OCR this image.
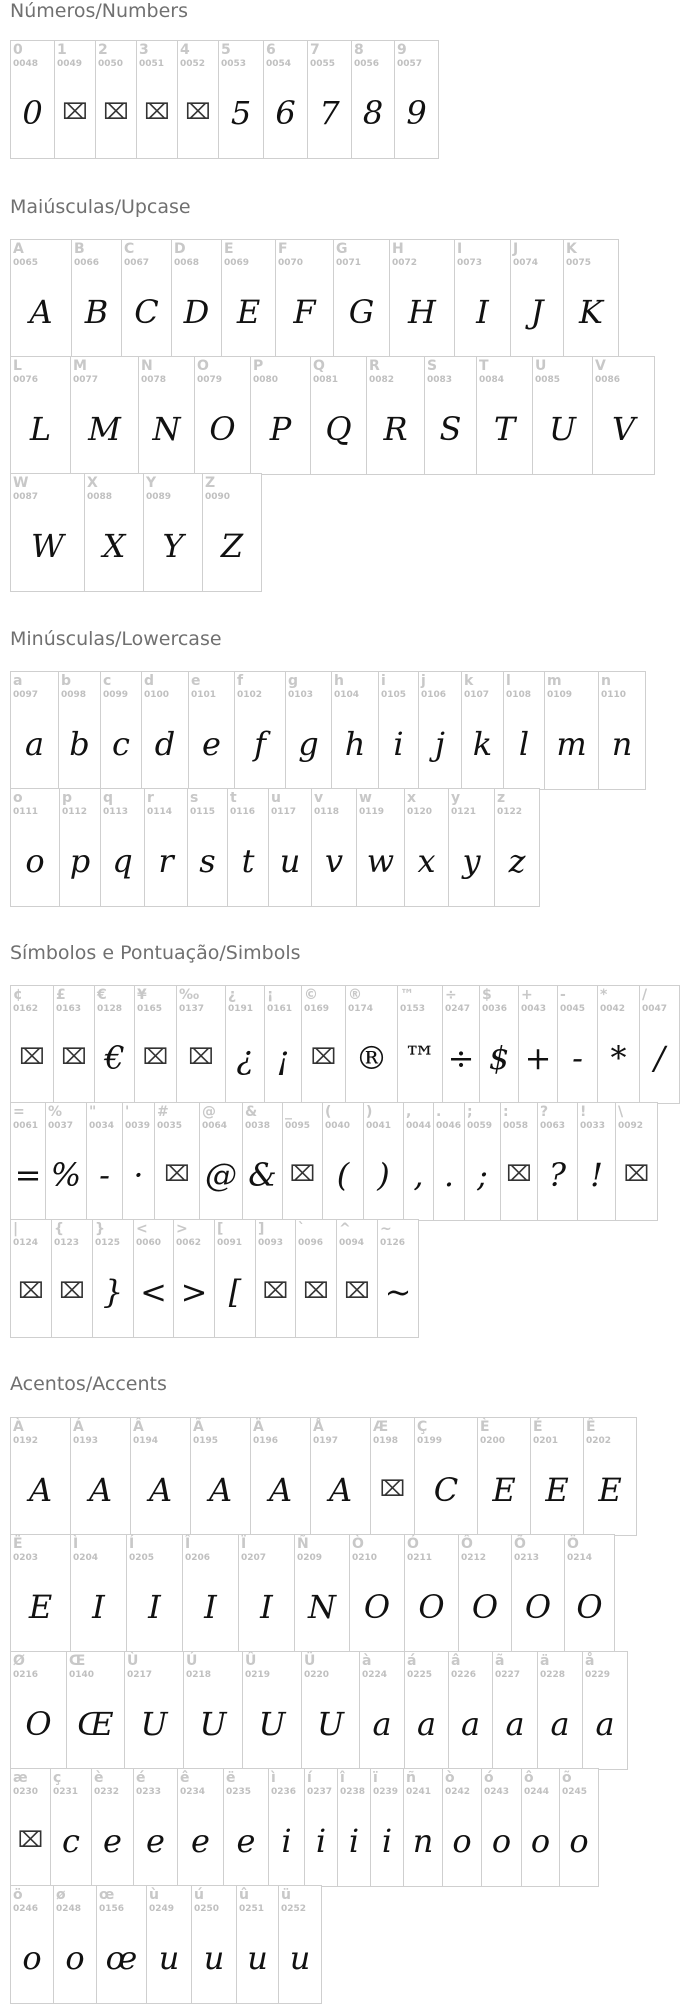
Números/Numbers
0
0048
0
1
0049
⌧
2
0050
⌧
3
0051
⌧
4
0052
⌧
5
0053
5
6
0054
6
7
0055
7
8
0056
8
9
0057
9
Maiúsculas/Upcase
A
0065
A
B
0066
B
C
0067
C
D
0068
D
E
0069
E
F
0070
F
G
0071
G
H
0072
H
I
0073
I
J
0074
J
K
0075
K
L
0076
L
M
0077
M
N
0078
N
O
0079
O
P
0080
P
Q
0081
Q
R
0082
R
S
0083
S
T
0084
T
U
0085
U
V
0086
V
W
0087
W
X
0088
X
Y
0089
Y
Z
0090
Z
Minúsculas/Lowercase
a
0097
a
b
0098
b
c
0099
c
d
0100
d
e
0101
e
f
0102
f
g
0103
g
h
0104
h
i
0105
i
j
0106
j
k
0107
k
l
0108
l
m
0109
m
n
0110
n
o
0111
o
p
0112
p
q
0113
q
r
0114
r
s
0115
s
t
0116
t
u
0117
u
v
0118
v
w
0119
w
x
0120
x
y
0121
y
z
0122
z
Símbolos e Pontuação/Simbols
¢
0162
⌧
£
0163
⌧
€
0128
€
¥
0165
⌧
‰
0137
⌧
¿
0191
¿
¡
0161
¡
©
0169
⌧
®
0174
®
™
0153
™
÷
0247
÷
$
0036
$
+
0043
+
-
0045
-
*
0042
*
/
0047
/
=
0061
=
%
0037
%
"
0034
-
'
0039
·
#
0035
⌧
@
0064
@
&
0038
&
_
0095
⌧
(
0040
(
)
0041
)
,
0044
,
.
0046
.
;
0059
;
:
0058
⌧
?
0063
?
!
0033
!
\
0092
⌧
|
0124
⌧
{
0123
⌧
}
0125
}
<
0060
<
>
0062
>
[
0091
[
]
0093
⌧
`
0096
⌧
^
0094
⌧
~
0126
~
Acentos/Accents
À
0192
A
Á
0193
A
Â
0194
A
Ã
0195
A
Ä
0196
A
Å
0197
A
Æ
0198
⌧
Ç
0199
C
È
0200
E
É
0201
E
Ê
0202
E
Ë
0203
E
Ì
0204
I
Í
0205
I
Î
0206
I
Ï
0207
I
Ñ
0209
N
Ò
0210
O
Ó
0211
O
Ô
0212
O
Õ
0213
O
Ö
0214
O
Ø
0216
O
Œ
0140
Œ
Ù
0217
U
Ú
0218
U
Û
0219
U
Ü
0220
U
à
0224
a
á
0225
a
â
0226
a
ã
0227
a
ä
0228
a
å
0229
a
æ
0230
⌧
ç
0231
c
è
0232
e
é
0233
e
ê
0234
e
ë
0235
e
ì
0236
i
í
0237
i
î
0238
i
ï
0239
i
ñ
0241
n
ò
0242
o
ó
0243
o
ô
0244
o
õ
0245
o
ö
0246
o
ø
0248
o
œ
0156
œ
ù
0249
u
ú
0250
u
û
0251
u
ü
0252
u
